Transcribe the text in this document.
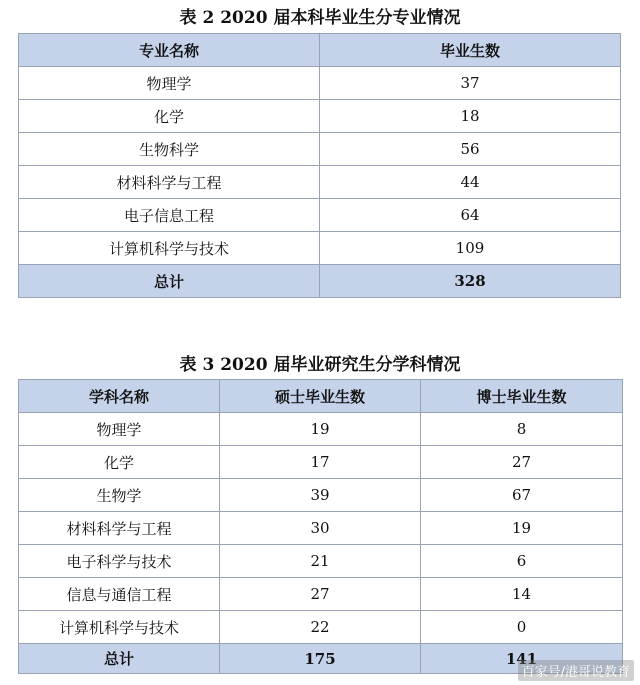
表 2 2020 届本科毕业生分专业情况
专业名称	毕业生数
物理学	37
化学	18
生物科学	56
材料科学与工程	44
电子信息工程	64
计算机科学与技术	109
总计	328
表 3 2020 届毕业研究生分学科情况
学科名称	硕士毕业生数	博士毕业生数
物理学	19	8
化学	17	27
生物学	39	67
材料科学与工程	30	19
电子科学与技术	21	6
信息与通信工程	27	14
计算机科学与技术	22	0
总计	175	141
百家号/港哥说教育
